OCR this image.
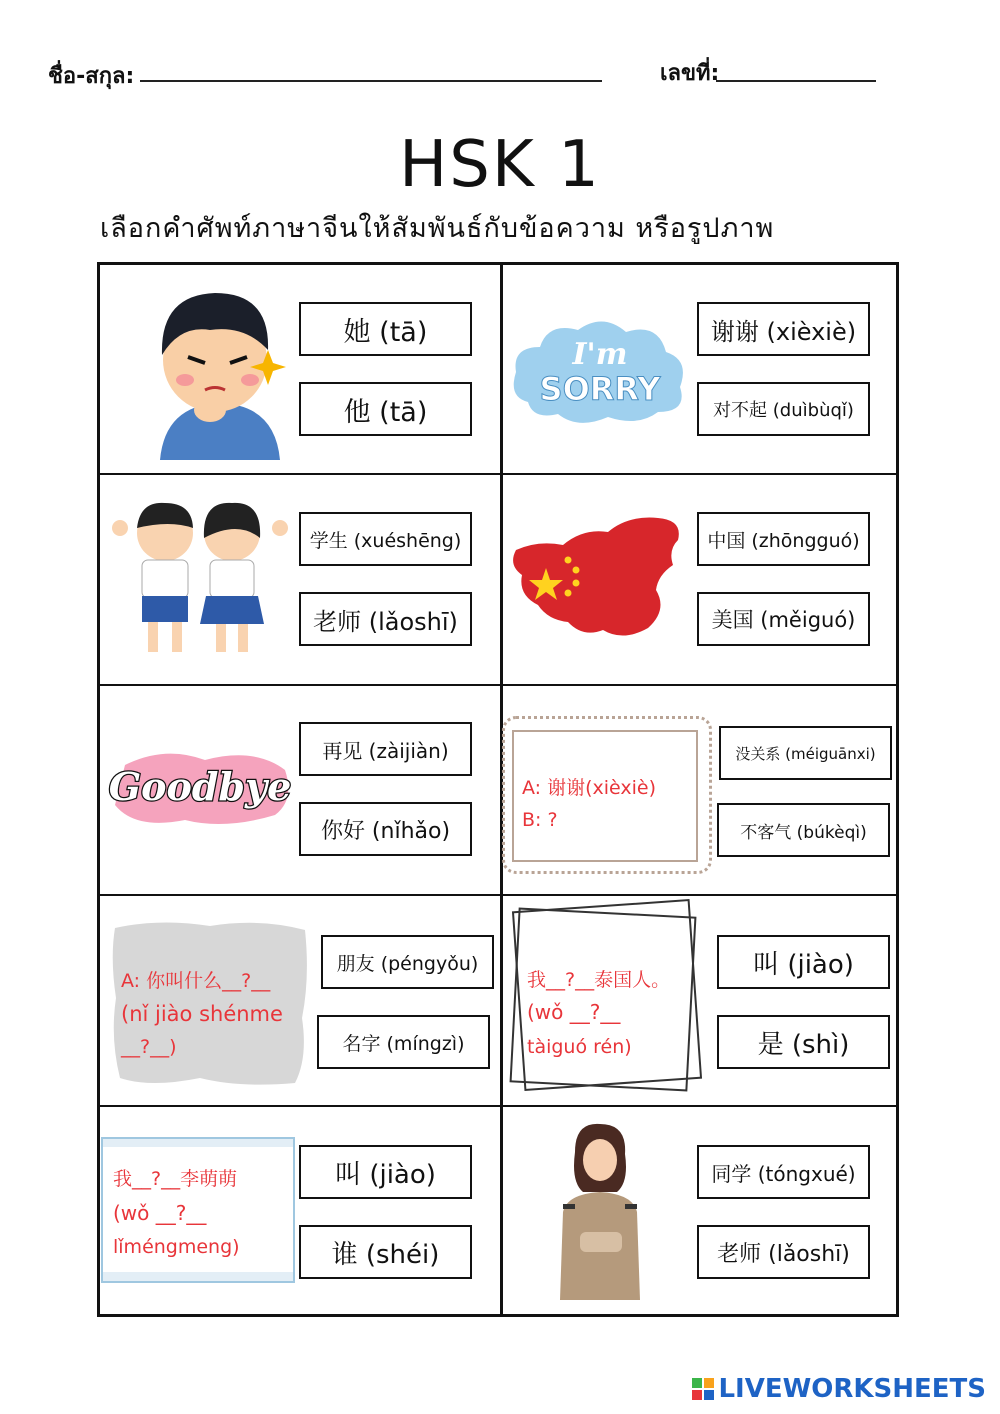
ชื่อ-สกุล:	เลขที่:
HSK 1
เลือกคำศัพท์ภาษาจีนให้สัมพันธ์กับข้อความ หรือรูปภาพ
她 (tā)
他 (tā)
I'm
SORRY
谢谢 (xièxiè)
对不起 (duìbùqǐ)
学生 (xuéshēng)
老师 (lǎoshī)
中国 (zhōngguó)
美国 (měiguó)
Goodbye
再见 (zàijiàn)
你好 (nǐhǎo)
A: 谢谢(xièxiè)
B: ?
没关系 (méiguānxi)
不客气 (búkèqì)
A: 你叫什么__?__
(nǐ jiào shénme
__?__)
朋友 (péngyǒu)
名字 (míngzì)
我__?__泰国人。
(wǒ __?__
tàiguó rén)
叫 (jiào)
是 (shì)
我__?__李萌萌
(wǒ __?__
lǐméngmeng)
叫 (jiào)
谁 (shéi)
同学 (tóngxué)
老师 (lǎoshī)
LIVEWORKSHEETS
